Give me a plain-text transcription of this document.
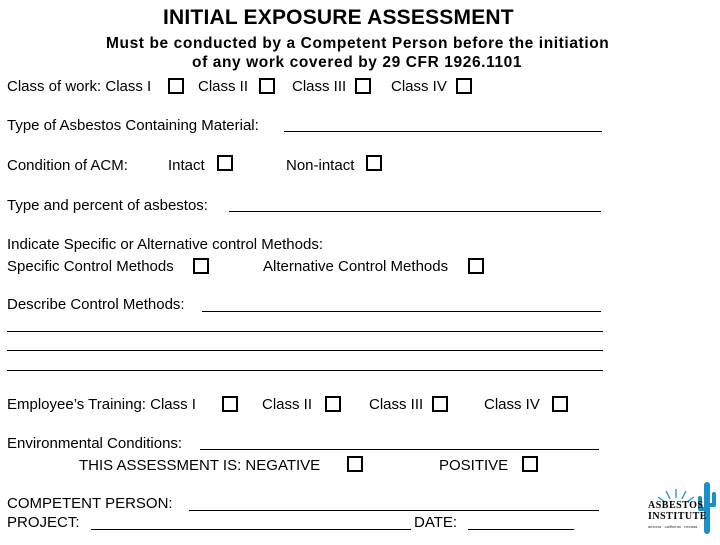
INITIAL EXPOSURE ASSESSMENT
Must be conducted by a Competent Person before the initiation
of any work covered by 29 CFR 1926.1101
Class of work: Class I	Class II	Class III	Class IV
Type of Asbestos Containing Material:
Condition of ACM:	Intact	Non-intact
Type and percent of asbestos:
Indicate Specific or Alternative control Methods:
Specific Control Methods	Alternative Control Methods
Describe Control Methods:
Employee’s Training: Class I	Class II	Class III	Class IV
Environmental Conditions:
THIS ASSESSMENT IS: NEGATIVE	POSITIVE
COMPETENT PERSON:
PROJECT:	DATE:
ASBESTOS
INSTITUTE
arizona · california · nevada
